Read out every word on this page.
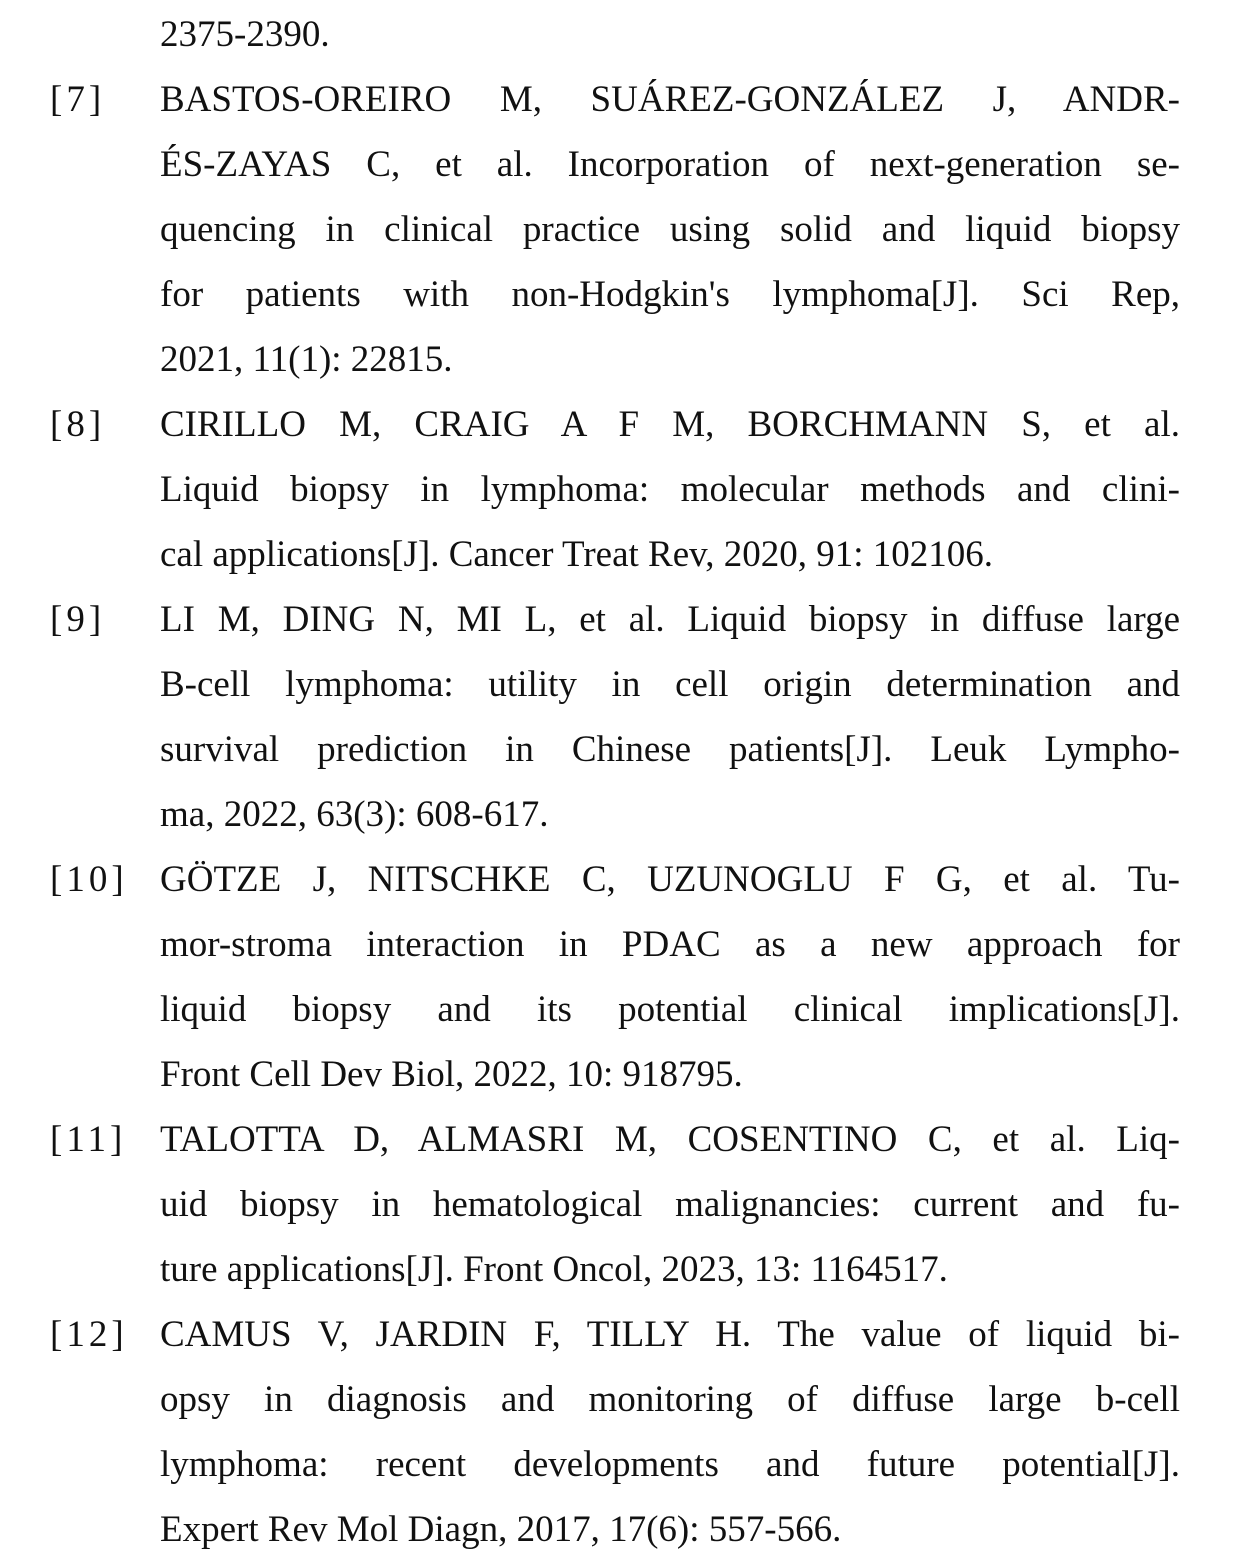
2375-2390.
[7]	BASTOS-OREIRO M, SUÁREZ-GONZÁLEZ J, ANDR-
ÉS-ZAYAS C, et al. Incorporation of next-generation se-
quencing in clinical practice using solid and liquid biopsy
for patients with non-Hodgkin's lymphoma[J]. Sci Rep,
2021, 11(1): 22815.
[8]	CIRILLO M, CRAIG A F M, BORCHMANN S, et al.
Liquid biopsy in lymphoma: molecular methods and clini-
cal applications[J]. Cancer Treat Rev, 2020, 91: 102106.
[9]	LI M, DING N, MI L, et al. Liquid biopsy in diffuse large
B-cell lymphoma: utility in cell origin determination and
survival prediction in Chinese patients[J]. Leuk Lympho-
ma, 2022, 63(3): 608-617.
[10] GÖTZE J, NITSCHKE C, UZUNOGLU F G, et al. Tu-
mor-stroma interaction in PDAC as a new approach for
liquid biopsy and its potential clinical implications[J].
Front Cell Dev Biol, 2022, 10: 918795.
[11] TALOTTA D, ALMASRI M, COSENTINO C, et al. Liq-
uid biopsy in hematological malignancies: current and fu-
ture applications[J]. Front Oncol, 2023, 13: 1164517.
[12] CAMUS V, JARDIN F, TILLY H. The value of liquid bi-
opsy in diagnosis and monitoring of diffuse large b-cell
lymphoma: recent developments and future potential[J].
Expert Rev Mol Diagn, 2017, 17(6): 557-566.
